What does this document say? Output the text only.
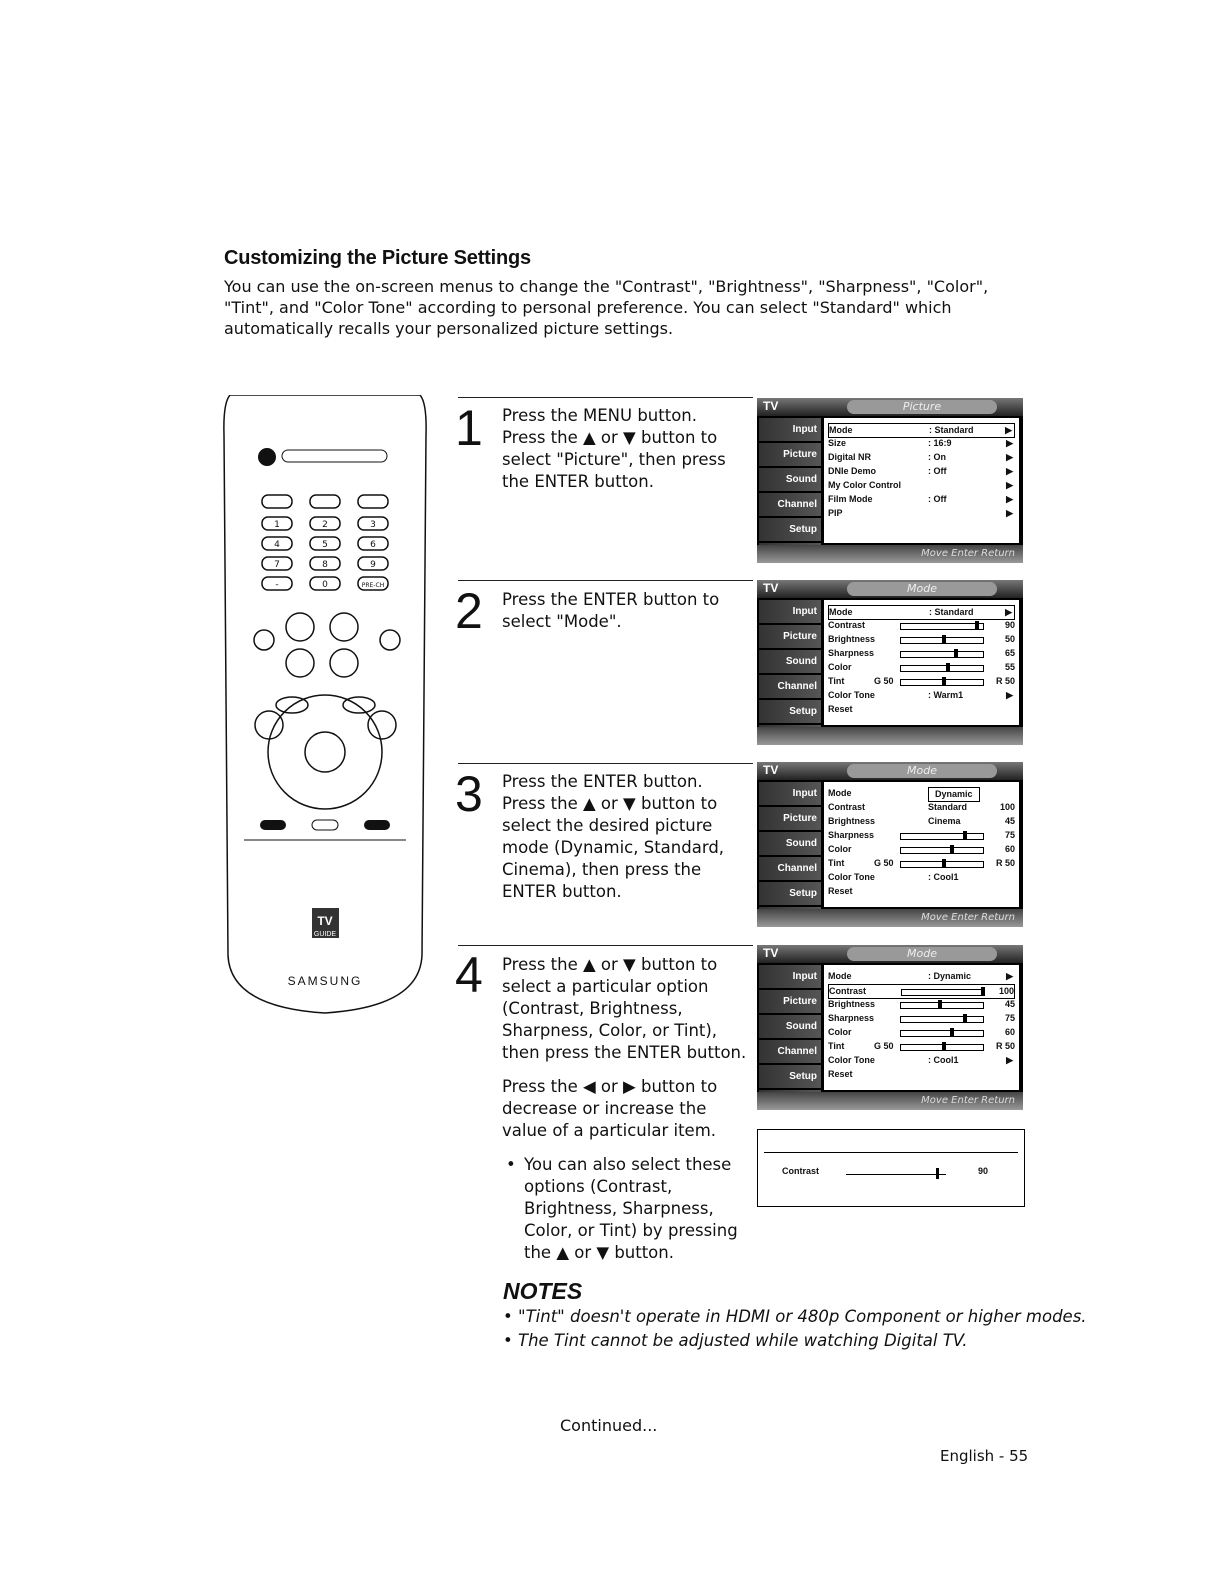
Customizing the Picture Settings
You can use the on-screen menus to change the "Contrast", "Brightness", "Sharpness", "Color", "Tint", and "Color Tone" according to personal preference. You can select "Standard" which automatically recalls your personalized picture settings.
1	2	3
4	5	6
7	8	9
-	0	PRE-CH
TV
GUIDE
SAMSUNG
1 Press the MENU button.
Press the ▲ or ▼ button to select "Picture", then press the ENTER button.
TV	Picture
Input
Picture
Sound
Channel
Setup
Mode	: Standard	▶
Size	: 16:9	▶
Digital NR	: On	▶
DNIe Demo	: Off	▶
My Color Control	▶
Film Mode	: Off	▶
PIP	▶
Move Enter Return
2 Press the ENTER button to select "Mode".
TV	Mode
Input
Picture
Sound
Channel
Setup
Mode	: Standard	▶
Contrast	90
Brightness	50
Sharpness	65
Color	55
Tint	G 50	R 50
Color Tone	: Warm1	▶
Reset
3 Press the ENTER button.
Press the ▲ or ▼ button to select the desired picture mode (Dynamic, Standard, Cinema), then press the ENTER button.
TV	Mode
Input
Picture
Sound
Channel
Setup
Mode	Dynamic
Contrast	Standard	100
Brightness	Cinema	45
Sharpness	75
Color	60
Tint	G 50	R 50
Color Tone	: Cool1
Reset
Move Enter Return
4 Press the ▲ or ▼ button to select a particular option (Contrast, Brightness, Sharpness, Color, or Tint), then press the ENTER button.

Press the ◀ or ▶ button to decrease or increase the value of a particular item.

• You can also select these options (Contrast, Brightness, Sharpness, Color, or Tint) by pressing the ▲ or ▼ button.

TV	Mode
Input
Picture
Sound
Channel
Setup
Mode	: Dynamic	▶
Contrast	100
Brightness	45
Sharpness	75
Color	60
Tint	G 50	R 50
Color Tone	: Cool1	▶
Reset
Move Enter Return
Contrast	90
NOTES
• "Tint" doesn't operate in HDMI or 480p Component or higher modes.
• The Tint cannot be adjusted while watching Digital TV.
Continued...
English - 55
